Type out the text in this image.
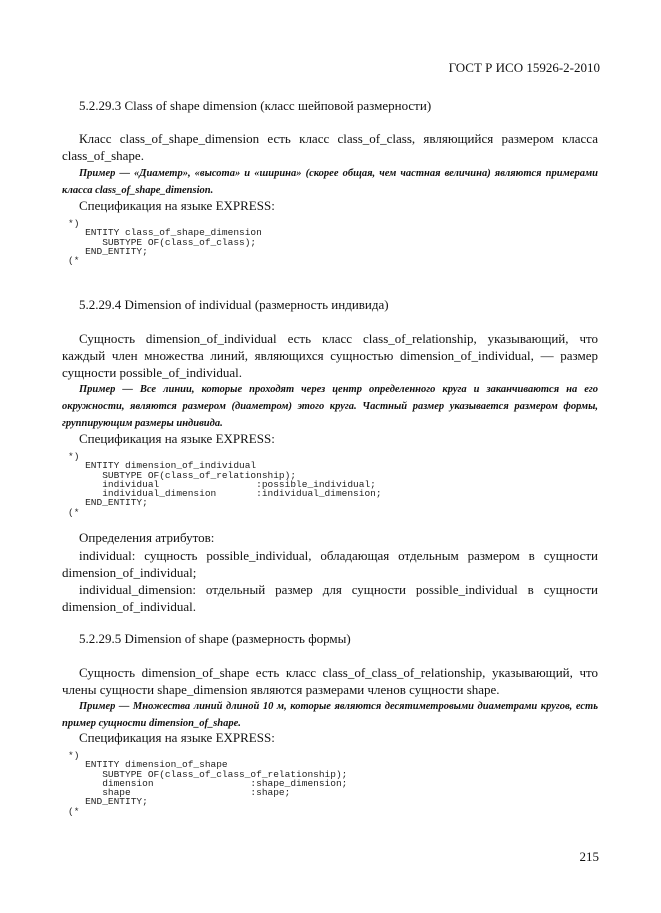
ГОСТ Р ИСО 15926-2-2010
5.2.29.3 Class of shape dimension (класс шейповой размерности)
Класс class_of_shape_dimension есть класс class_of_class, являющийся размером класса class_of_shape.
Пример — «Диаметр», «высота» и «ширина» (скорее общая, чем частная величина) являются примерами класса class_of_shape_dimension.
Спецификация на языке EXPRESS:
*)
ENTITY class_of_shape_dimension
SUBTYPE OF(class_of_class);
END_ENTITY;
(*
5.2.29.4 Dimension of individual (размерность индивида)
Сущность dimension_of_individual есть класс class_of_relationship, указывающий, что каждый член множества линий, являющихся сущностью dimension_of_individual, — размер сущности possible_of_individual.
Пример — Все линии, которые проходят через центр определенного круга и заканчиваются на его окружности, являются размером (диаметром) этого круга. Частный размер указывается размером формы, группирующим размеры индивида.
Спецификация на языке EXPRESS:
*)
ENTITY dimension_of_individual
SUBTYPE OF(class_of_relationship);
individual                 :possible_individual;
individual_dimension       :individual_dimension;
END_ENTITY;
(*
Определения атрибутов:
individual: сущность possible_individual, обладающая отдельным размером в сущности dimension_of_individual;
individual_dimension: отдельный размер для сущности possible_individual в сущности dimension_of_individual.
5.2.29.5 Dimension of shape (размерность формы)
Сущность dimension_of_shape есть класс class_of_class_of_relationship, указывающий, что члены сущности shape_dimension являются размерами членов сущности shape.
Пример — Множества линий длиной 10 м, которые являются десятиметровыми диаметрами кругов, есть пример сущности dimension_of_shape.
Спецификация на языке EXPRESS:
*)
ENTITY dimension_of_shape
SUBTYPE OF(class_of_class_of_relationship);
dimension                 :shape_dimension;
shape                     :shape;
END_ENTITY;
(*
215
